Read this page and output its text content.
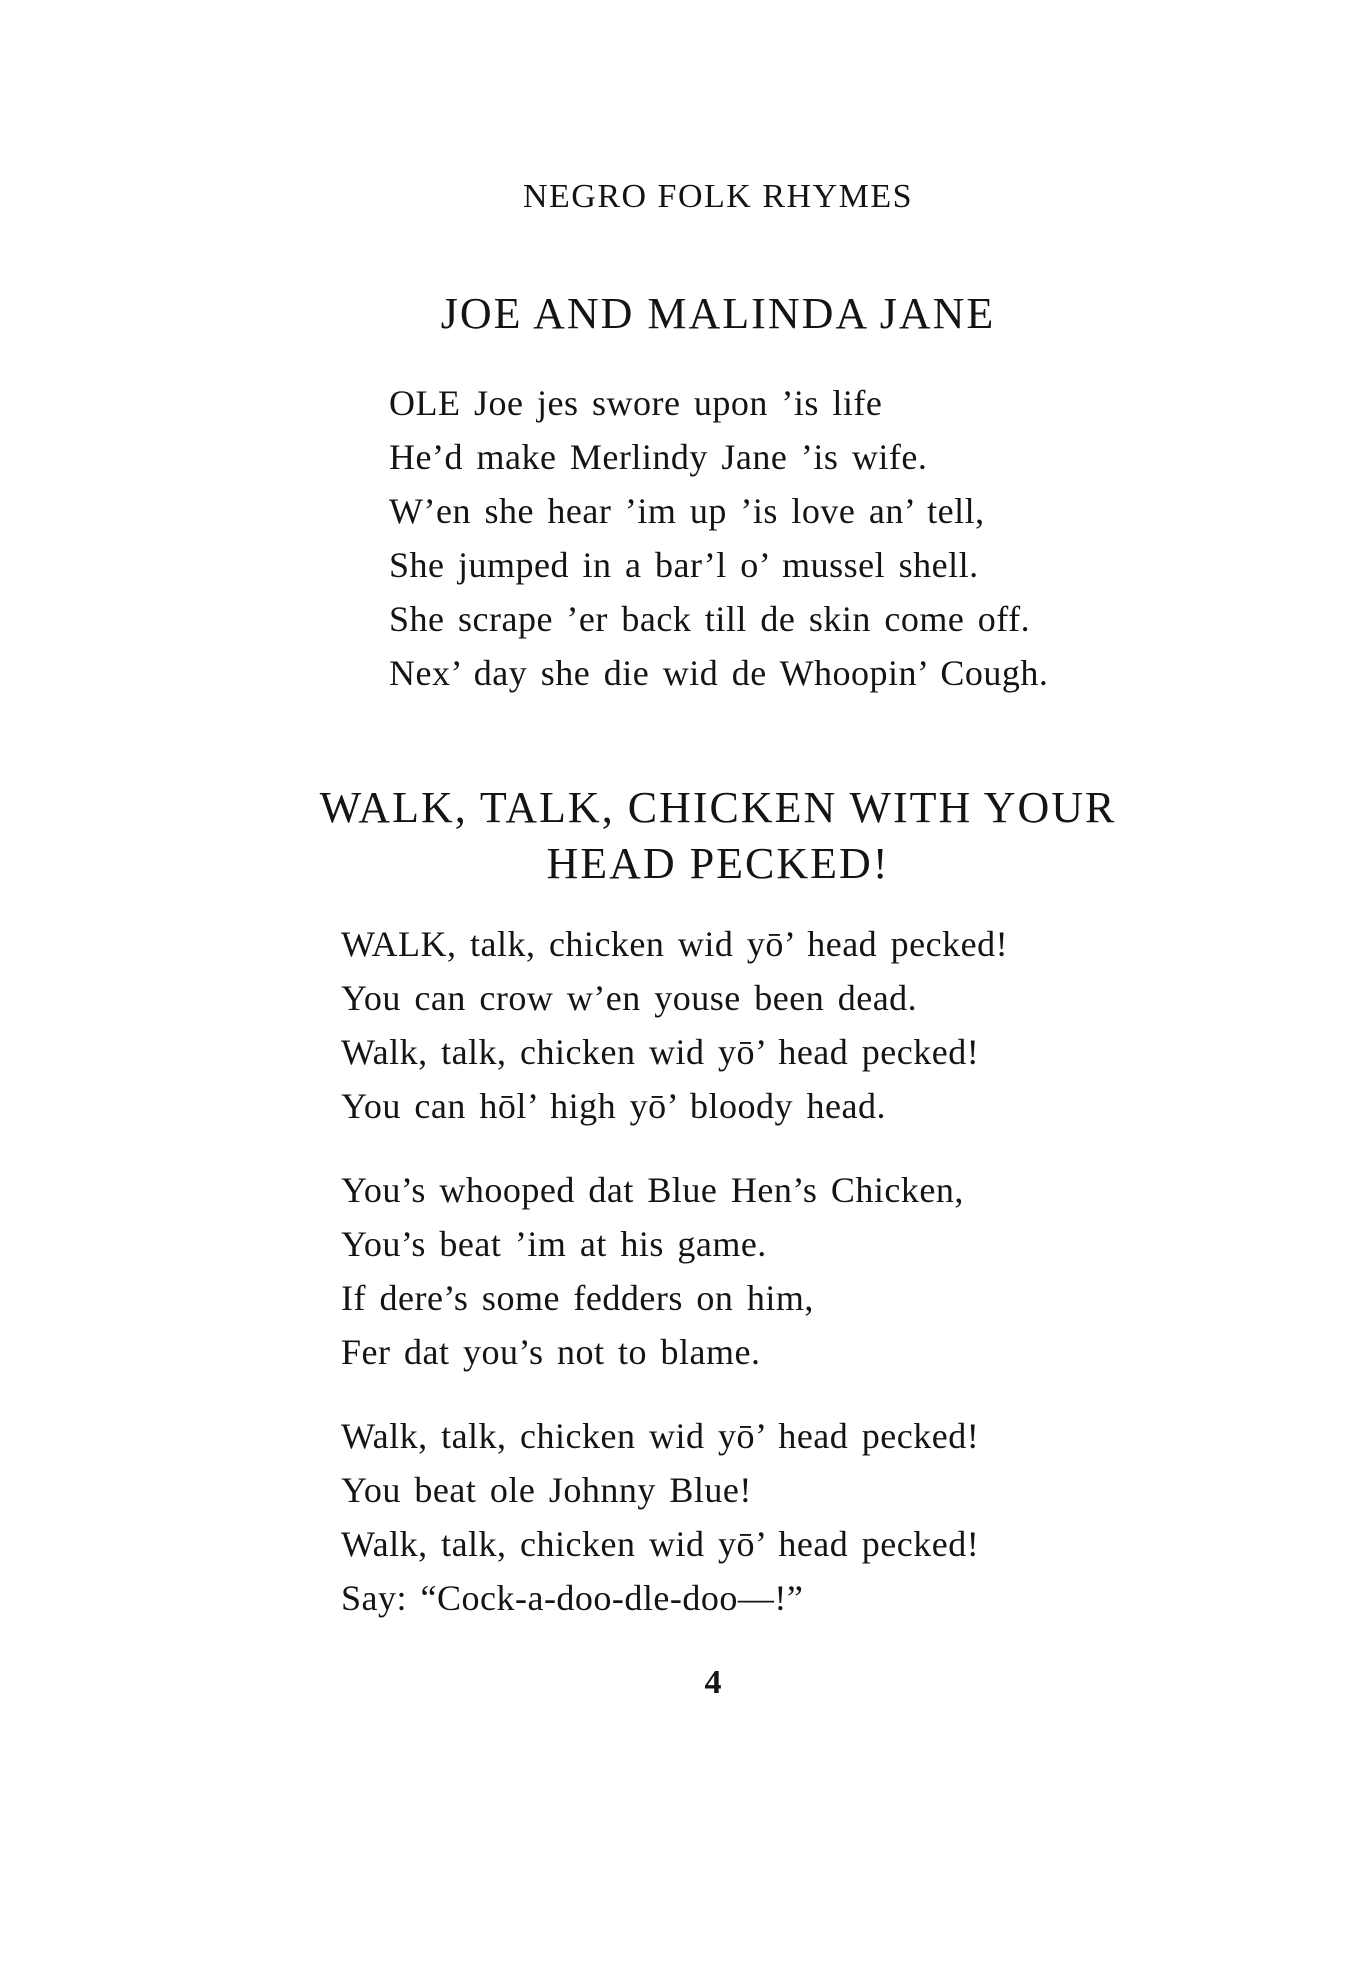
NEGRO FOLK RHYMES
JOE AND MALINDA JANE
OLE Joe jes swore upon ’is life
He’d make Merlindy Jane ’is wife.
W’en she hear ’im up ’is love an’ tell,
She jumped in a bar’l o’ mussel shell.
She scrape ’er back till de skin come off.
Nex’ day she die wid de Whoopin’ Cough.
WALK, TALK, CHICKEN WITH YOUR
HEAD PECKED!
WALK, talk, chicken wid yō’ head pecked!
You can crow w’en youse been dead.
Walk, talk, chicken wid yō’ head pecked!
You can hōl’ high yō’ bloody head.
You’s whooped dat Blue Hen’s Chicken,
You’s beat ’im at his game.
If dere’s some fedders on him,
Fer dat you’s not to blame.
Walk, talk, chicken wid yō’ head pecked!
You beat ole Johnny Blue!
Walk, talk, chicken wid yō’ head pecked!
Say: “Cock-a-doo-dle-doo—!”
4
